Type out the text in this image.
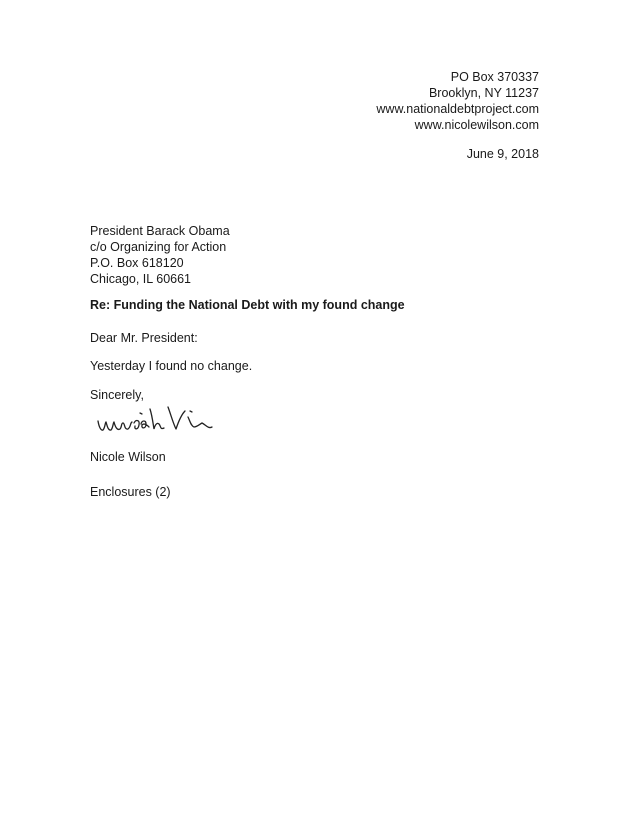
PO Box 370337
Brooklyn, NY 11237
www.nationaldebtproject.com
www.nicolewilson.com
June 9, 2018
President Barack Obama
c/o Organizing for Action
P.O. Box 618120
Chicago, IL 60661
Re: Funding the National Debt with my found change
Dear Mr. President:
Yesterday I found no change.
Sincerely,
Nicole Wilson
Enclosures (2)
